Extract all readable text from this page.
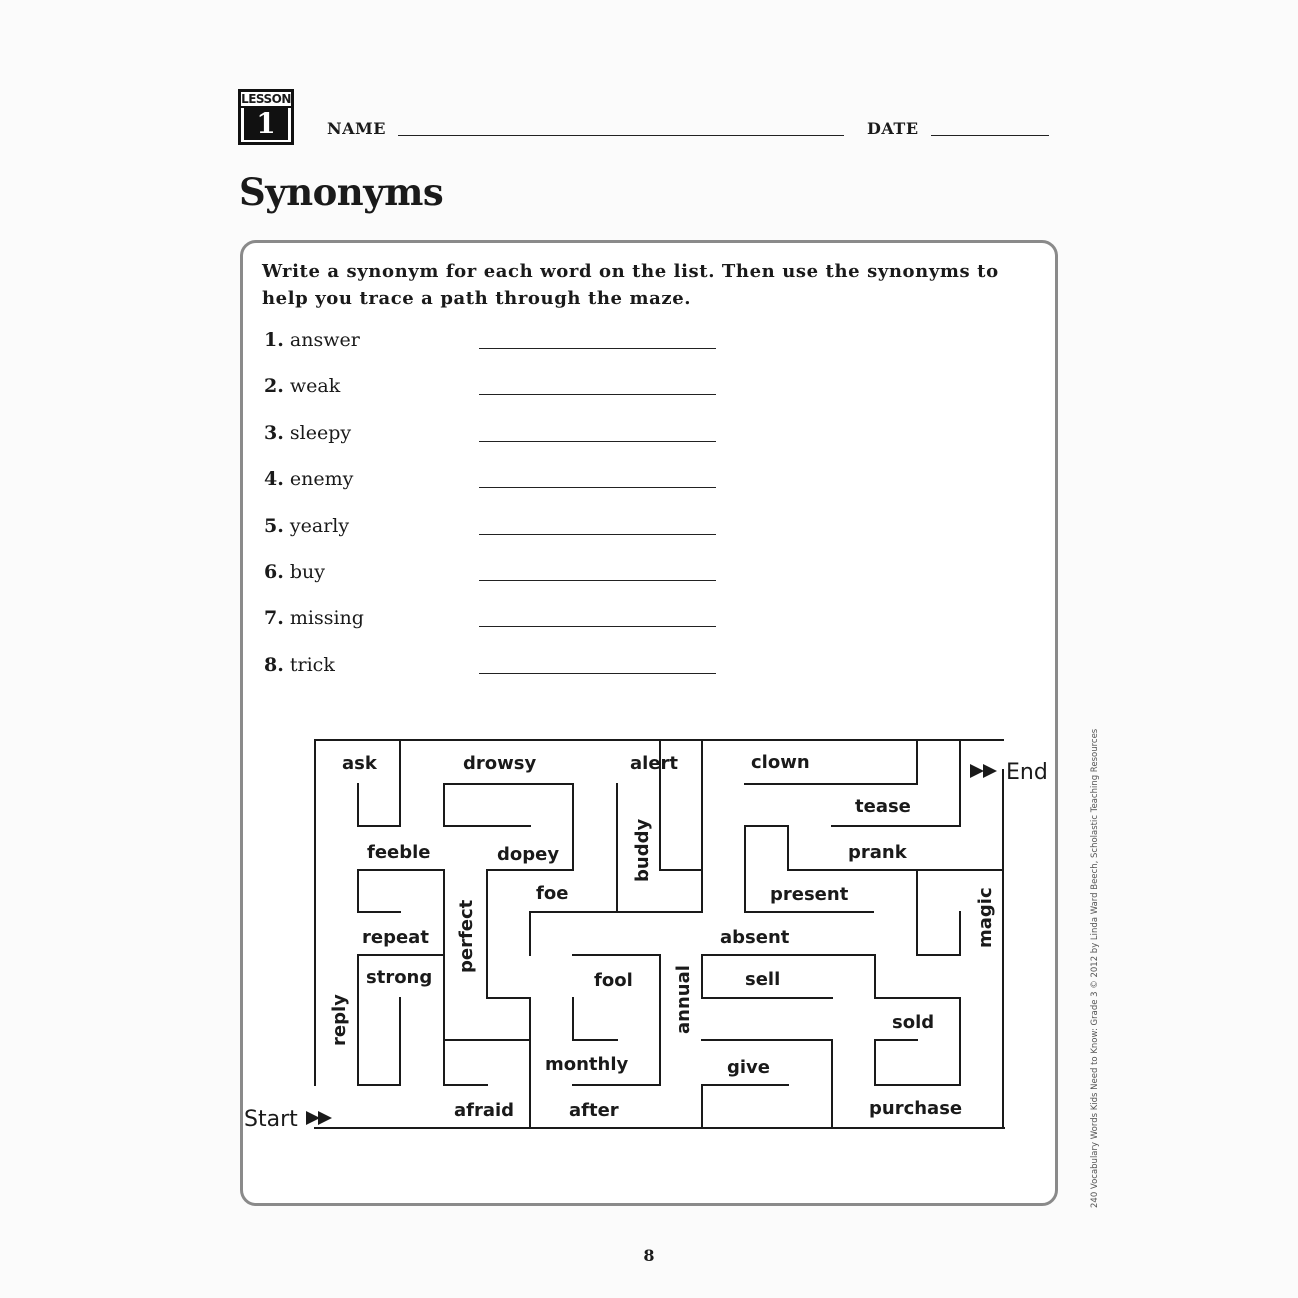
LESSON
1	NAME	DATE
Synonyms
Write a synonym for each word on the list. Then use the synonyms to help you trace a path through the maze.
1. answer
2. weak
3. sleepy
4. enemy
5. yearly
6. buy
7. missing
8. trick
End
Start
ask	drowsy	alert	clown
tease
prank
feeble	dopey	buddy
foe	present	magic
perfect
repeat	absent
strong	fool annual	sell
reply	sold
monthly	give
afraid	after	purchase
8
240 Vocabulary Words Kids Need to Know: Grade 3 © 2012 by Linda Ward Beech, Scholastic Teaching Resources
